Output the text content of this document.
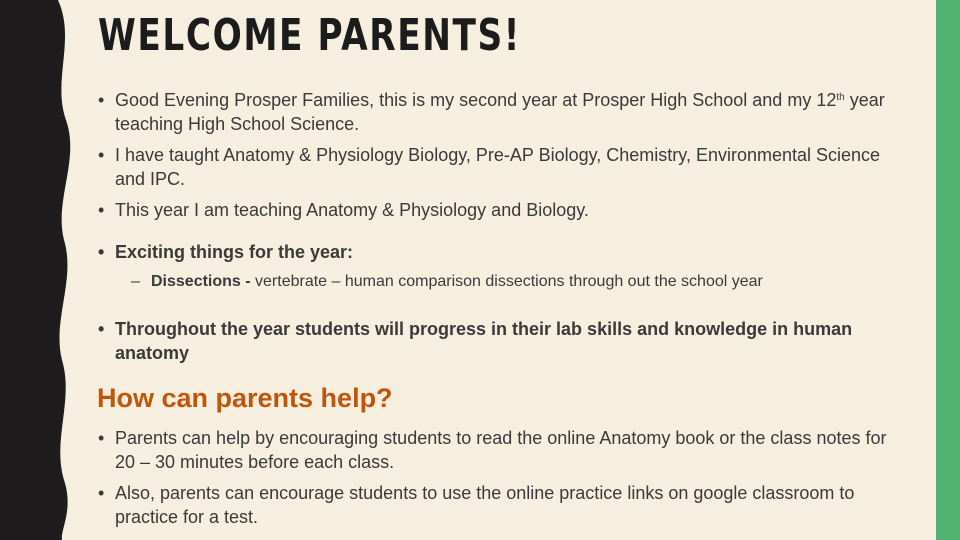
WELCOME PARENTS!

• Good Evening Prosper Families, this is my second year at Prosper High School and my 12th year teaching High School Science.

• I have taught Anatomy & Physiology Biology, Pre-AP Biology, Chemistry, Environmental Science and IPC.

• This year I am teaching Anatomy & Physiology and Biology.

• Exciting things for the year:

– Dissections - vertebrate – human comparison dissections through out the school year

• Throughout the year students will progress in their lab skills and knowledge in human anatomy

How can parents help?

• Parents can help by encouraging students to read the online Anatomy book or the class notes for 20 – 30 minutes before each class.

• Also, parents can encourage students to use the online practice links on google classroom to practice for a test.
